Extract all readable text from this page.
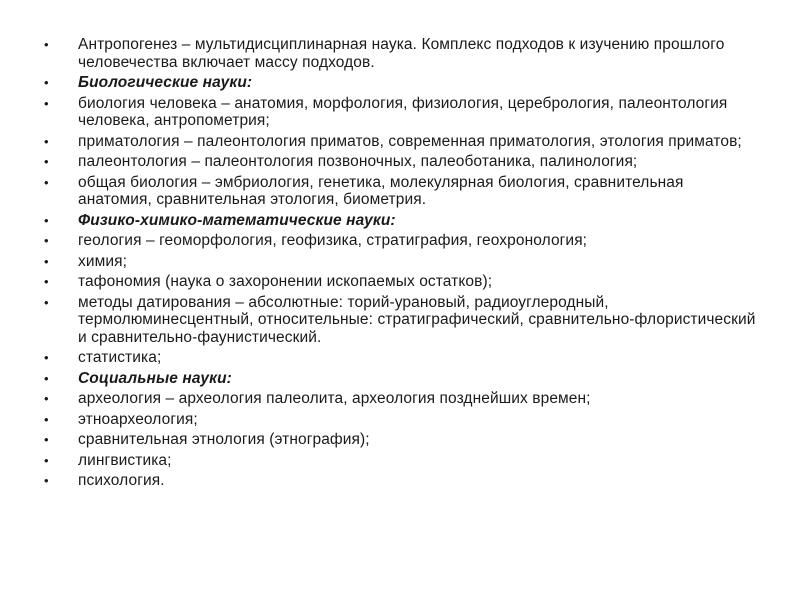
•	Антропогенез – мультидисциплинарная наука. Комплекс подходов к изучению прошлого человечества включает массу подходов.
•	Биологические науки:
•	биология человека – анатомия, морфология, физиология, церебрология, палеонтология человека, антропометрия;
•	приматология – палеонтология приматов, современная приматология, этология приматов;
•	палеонтология – палеонтология позвоночных, палеоботаника, палинология;
•	общая биология – эмбриология, генетика, молекулярная биология, сравнительная анатомия, сравнительная этология, биометрия.
•	Физико-химико-математические науки:
•	геология – геоморфология, геофизика, стратиграфия, геохронология;
•	химия;
•	тафономия (наука о захоронении ископаемых остатков);
•	методы датирования – абсолютные: торий-урановый, радиоуглеродный, термолюминесцентный, относительные: стратиграфический, сравнительно-флористический и сравнительно-фаунистический.
•	статистика;
•	Социальные науки:
•	археология – археология палеолита, археология позднейших времен;
•	этноархеология;
•	сравнительная этнология (этнография);
•	лингвистика;
•	психология.
